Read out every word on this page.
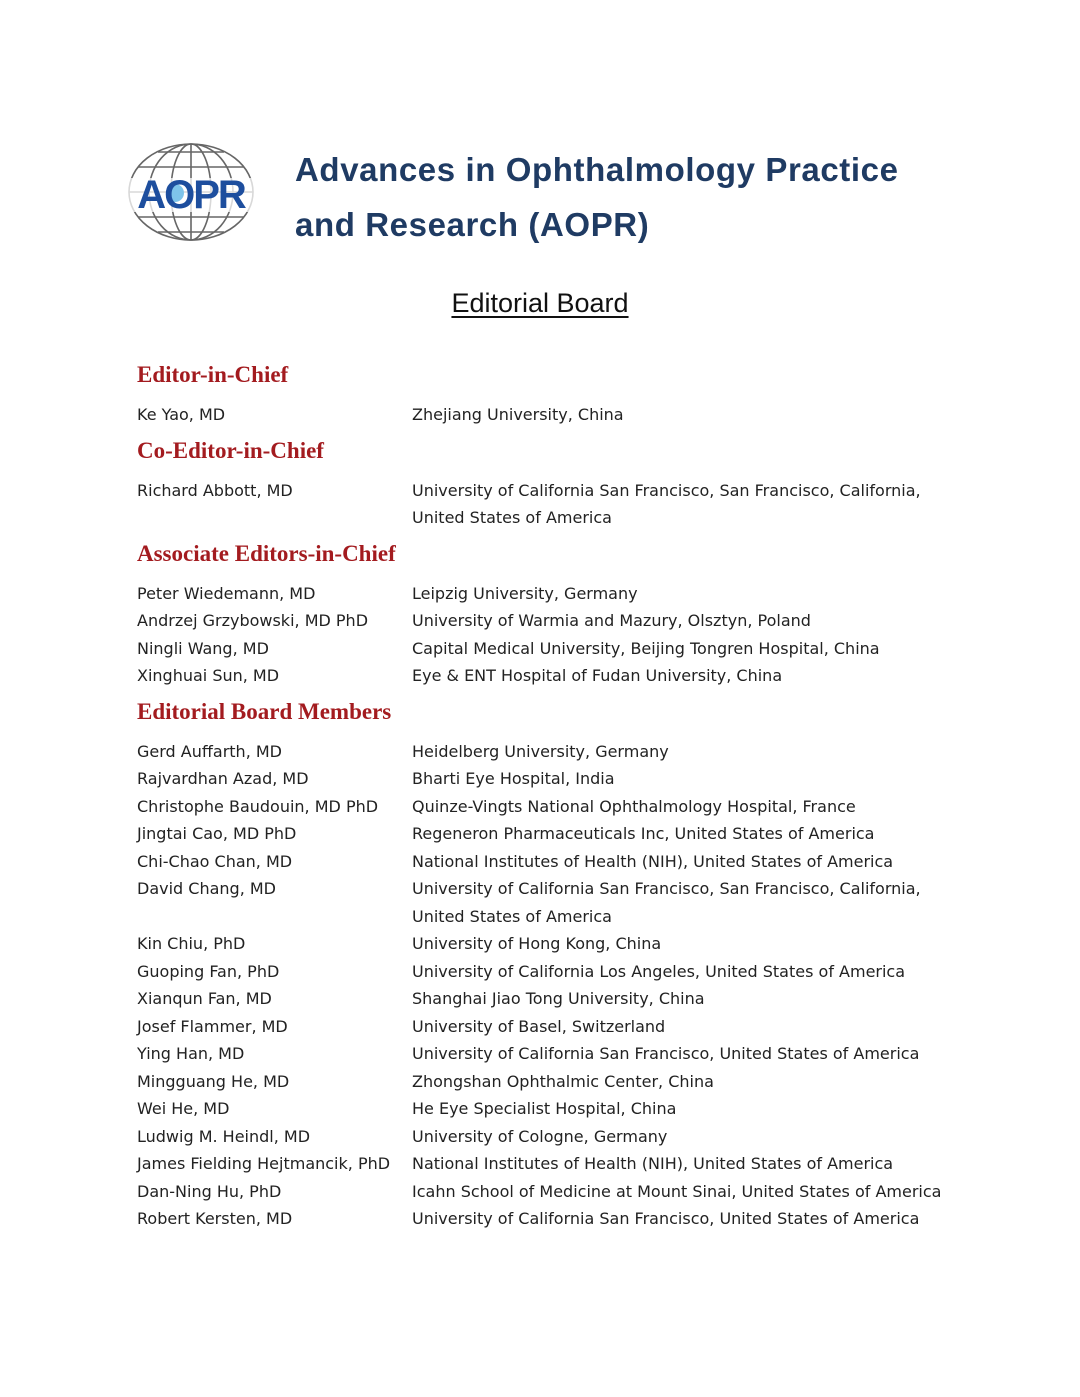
AOPR
Advances in Ophthalmology Practice
and Research (AOPR)
Editorial Board
Editor-in-Chief
Ke Yao, MD	Zhejiang University, China
Co-Editor-in-Chief
Richard Abbott, MD	University of California San Francisco, San Francisco, California, United States of America
Associate Editors-in-Chief
Peter Wiedemann, MD	Leipzig University, Germany
Andrzej Grzybowski, MD PhD	University of Warmia and Mazury, Olsztyn, Poland
Ningli Wang, MD	Capital Medical University, Beijing Tongren Hospital, China
Xinghuai Sun, MD	Eye & ENT Hospital of Fudan University, China
Editorial Board Members
Gerd Auffarth, MD	Heidelberg University, Germany
Rajvardhan Azad, MD	Bharti Eye Hospital, India
Christophe Baudouin, MD PhD	Quinze-Vingts National Ophthalmology Hospital, France
Jingtai Cao, MD PhD	Regeneron Pharmaceuticals Inc, United States of America
Chi-Chao Chan, MD	National Institutes of Health (NIH), United States of America
David Chang, MD	University of California San Francisco, San Francisco, California, United States of America
Kin Chiu, PhD	University of Hong Kong, China
Guoping Fan, PhD	University of California Los Angeles, United States of America
Xianqun Fan, MD	Shanghai Jiao Tong University, China
Josef Flammer, MD	University of Basel, Switzerland
Ying Han, MD	University of California San Francisco, United States of America
Mingguang He, MD	Zhongshan Ophthalmic Center, China
Wei He, MD	He Eye Specialist Hospital, China
Ludwig M. Heindl, MD	University of Cologne, Germany
James Fielding Hejtmancik, PhD	National Institutes of Health (NIH), United States of America
Dan-Ning Hu, PhD	Icahn School of Medicine at Mount Sinai, United States of America
Robert Kersten, MD	University of California San Francisco, United States of America
